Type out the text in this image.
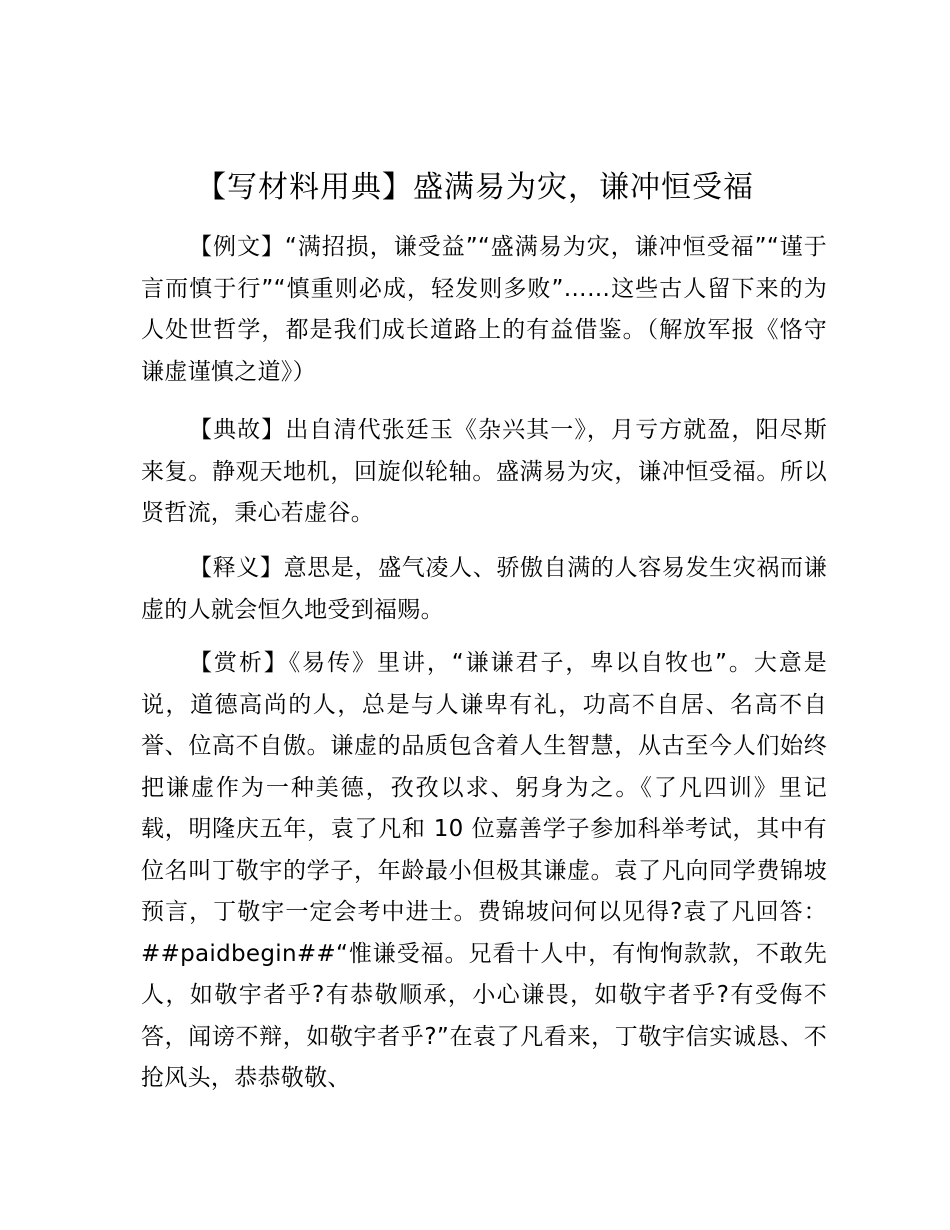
【写材料用典】盛满易为灾，谦冲恒受福

【例文】“满招损，谦受益”“盛满易为灾，谦冲恒受福”“谨于言而慎于行”“慎重则必成，轻发则多败”……这些古人留下来的为人处世哲学，都是我们成长道路上的有益借鉴。（解放军报《恪守谦虚谨慎之道》）

【典故】出自清代张廷玉《杂兴其一》，月亏方就盈，阳尽斯来复。静观天地机，回旋似轮轴。盛满易为灾，谦冲恒受福。所以贤哲流，秉心若虚谷。

【释义】意思是，盛气凌人、骄傲自满的人容易发生灾祸而谦虚的人就会恒久地受到福赐。

【赏析】《易传》里讲，“谦谦君子，卑以自牧也”。大意是说，道德高尚的人，总是与人谦卑有礼，功高不自居、名高不自誉、位高不自傲。谦虚的品质包含着人生智慧，从古至今人们始终把谦虚作为一种美德，孜孜以求、躬身为之。《了凡四训》里记载，明隆庆五年，袁了凡和 10 位嘉善学子参加科举考试，其中有位名叫丁敬宇的学子，年龄最小但极其谦虚。袁了凡向同学费锦坡预言，丁敬宇一定会考中进士。费锦坡问何以见得?袁了凡回答：##paidbegin##“惟谦受福。兄看十人中，有恂恂款款，不敢先人，如敬宇者乎?有恭敬顺承，小心谦畏，如敬宇者乎?有受侮不答，闻谤不辩，如敬宇者乎?”在袁了凡看来，丁敬宇信实诚恳、不抢风头，恭恭敬敬、
